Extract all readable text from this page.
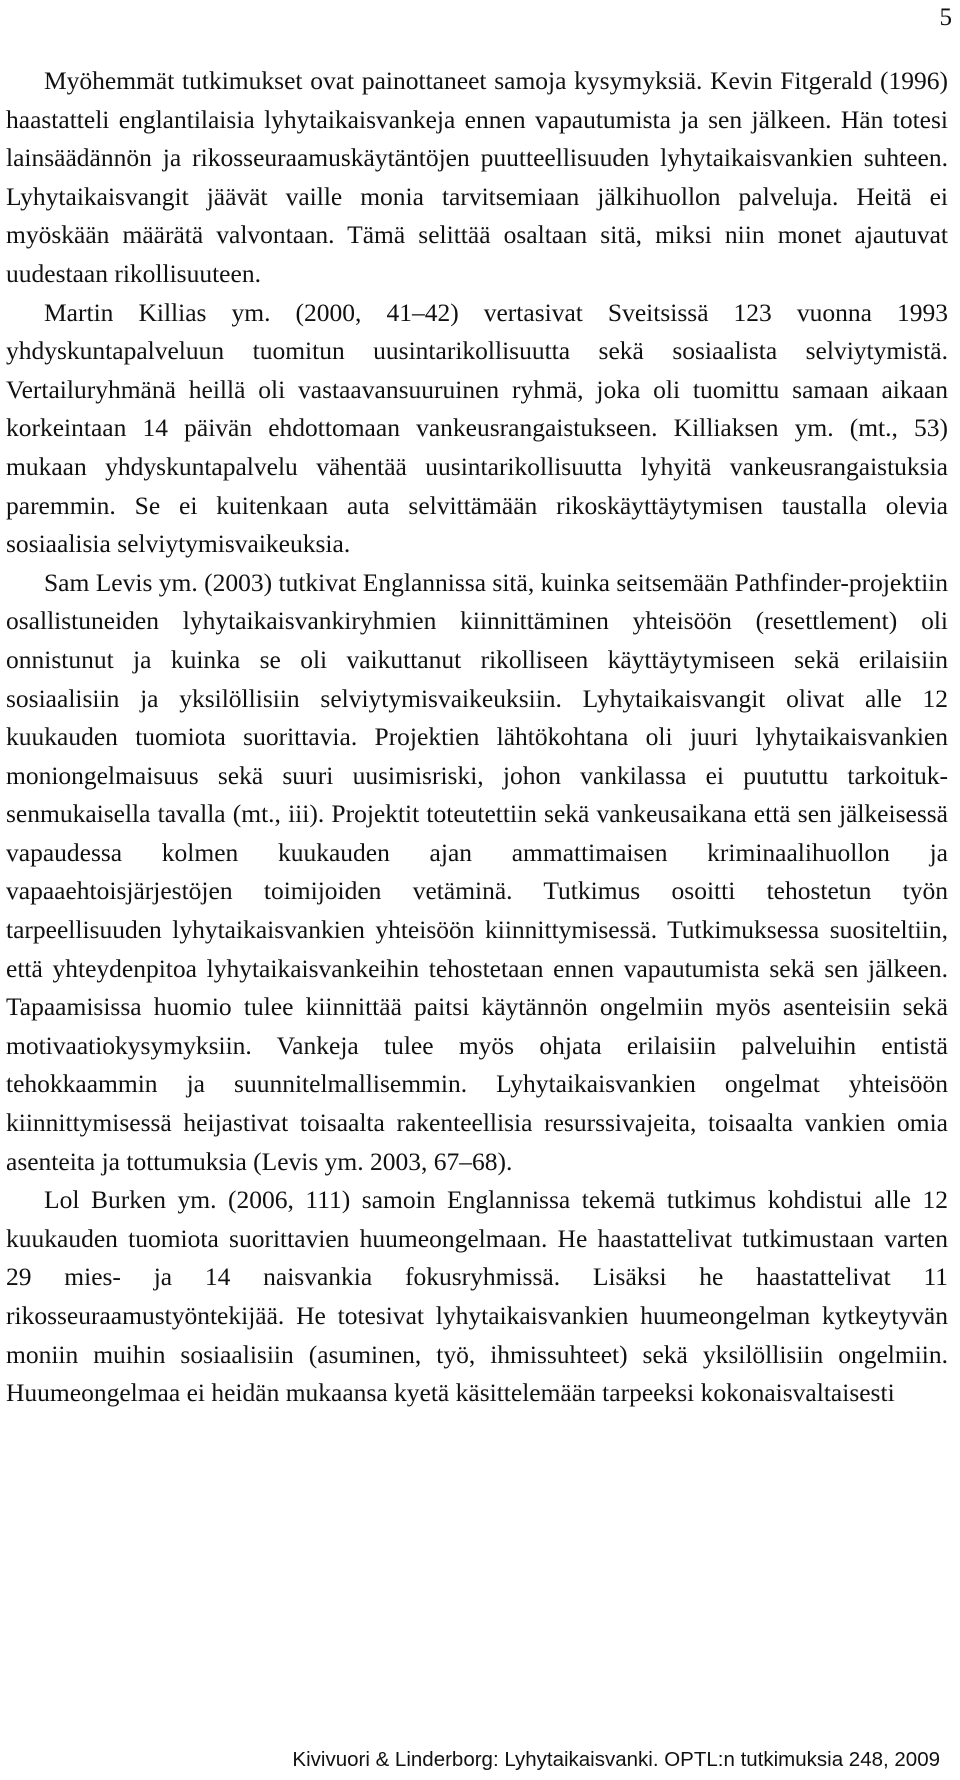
5

Myöhemmät tutkimukset ovat painottaneet samoja kysymyksiä. Kevin Fitgerald (1996) haastatteli englantilaisia lyhytaikaisvankeja ennen vapautumista ja sen jälkeen. Hän totesi lainsäädännön ja rikosseuraamuskäytäntöjen puutteellisuuden lyhytaikaisvankien suhteen. Lyhytaikaisvangit jäävät vaille monia tarvitsemiaan jälkihuollon palveluja. Heitä ei myöskään määrätä valvontaan. Tämä selittää osaltaan sitä, miksi niin monet ajautuvat uudestaan rikollisuuteen.

Martin Killias ym. (2000, 41–42) vertasivat Sveitsissä 123 vuonna 1993 yhdyskuntapalveluun tuomitun uusintarikollisuutta sekä sosiaalista selviytymistä. Vertailuryhmänä heillä oli vastaavansuuruinen ryhmä, joka oli tuomittu samaan aikaan korkeintaan 14 päivän ehdottomaan vankeusrangaistukseen. Killiaksen ym. (mt., 53) mukaan yhdyskuntapalvelu vähentää uusintarikollisuutta lyhyitä vankeusrangaistuksia paremmin. Se ei kuitenkaan auta selvittämään rikoskäyttäytymisen taustalla olevia sosiaalisia selviytymisvaikeuksia.

Sam Levis ym. (2003) tutkivat Englannissa sitä, kuinka seitsemään Pathfinder-projektiin osallistuneiden lyhytaikaisvankiryhmien kiinnittäminen yhteisöön (resettlement) oli onnistunut ja kuinka se oli vaikuttanut rikolliseen käyttäytymiseen sekä erilaisiin sosiaalisiin ja yksilöllisiin selviytymisvaikeuksiin. Lyhytaikaisvangit olivat alle 12 kuukauden tuomiota suorittavia. Projektien lähtökohtana oli juuri lyhytaikaisvankien moniongelmaisuus sekä suuri uusimisriski, johon vankilassa ei puututtu tarkoituksenmukaisella tavalla (mt., iii). Projektit toteutettiin sekä vankeusaikana että sen jälkeisessä vapaudessa kolmen kuukauden ajan ammattimaisen kriminaalihuollon ja vapaaehtoisjärjestöjen toimijoiden vetäminä. Tutkimus osoitti tehostetun työn tarpeellisuuden lyhytaikaisvankien yhteisöön kiinnittymisessä. Tutkimuksessa suositeltiin, että yhteydenpitoa lyhytaikaisvankeihin tehostetaan ennen vapautumista sekä sen jälkeen. Tapaamisissa huomio tulee kiinnittää paitsi käytännön ongelmiin myös asenteisiin sekä motivaatiokysymyksiin. Vankeja tulee myös ohjata erilaisiin palveluihin entistä tehokkaammin ja suunnitelmallisemmin. Lyhytaikaisvankien ongelmat yhteisöön kiinnittymisessä heijastivat toisaalta rakenteellisia resurssivajeita, toisaalta vankien omia asenteita ja tottumuksia (Levis ym. 2003, 67–68).

Lol Burken ym. (2006, 111) samoin Englannissa tekemä tutkimus kohdistui alle 12 kuukauden tuomiota suorittavien huumeongelmaan. He haastattelivat tutkimustaan varten 29 mies- ja 14 naisvankia fokusryhmissä. Lisäksi he haastattelivat 11 rikosseuraamustyöntekijää. He totesivat lyhytaikaisvankien huumeongelman kytkeytyvän moniin muihin sosiaalisiin (asuminen, työ, ihmissuhteet) sekä yksilöllisiin ongelmiin. Huumeongelmaa ei heidän mukaansa kyetä käsittelemään tarpeeksi kokonaisvaltaisesti

Kivivuori & Linderborg: Lyhytaikaisvanki. OPTL:n tutkimuksia 248, 2009
